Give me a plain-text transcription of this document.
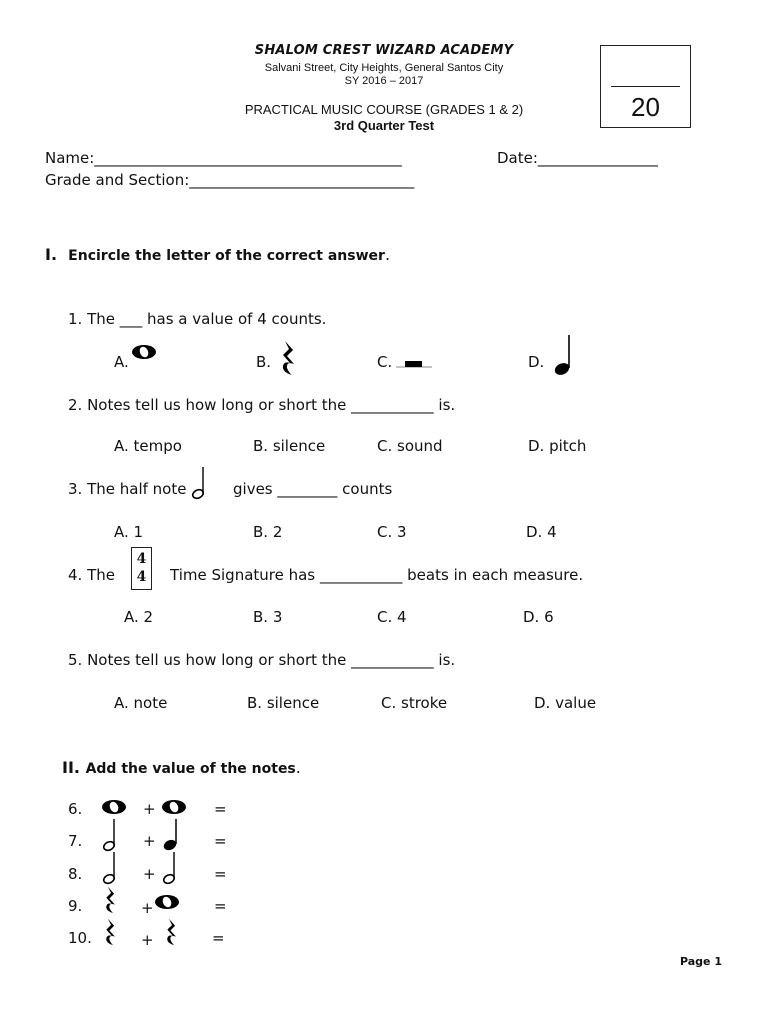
SHALOM CREST WIZARD ACADEMY
Salvani Street, City Heights, General Santos City
SY 2016 – 2017
PRACTICAL MUSIC COURSE (GRADES 1 & 2)
3rd Quarter Test
20
Name:_________________________________________	Date:________________
Grade and Section:______________________________
I.  Encircle the letter of the correct answer.
1. The ___ has a value of 4 counts.
A.	B.	C.	D.
2. Notes tell us how long or short the ___________ is.
A. tempo	B. silence	C. sound	D. pitch
3. The half note	gives ________ counts
A. 1	B. 2	C. 3	D. 4
4. The
4
4	Time Signature has ___________ beats in each measure.
A. 2	B. 3	C. 4	D. 6
5. Notes tell us how long or short the ___________ is.
A. note	B. silence	C. stroke	D. value
II. Add the value of the notes.
6.	+	=
7.	+	=
8.	+	=
9.	+	=
10.	+	=
Page 1
